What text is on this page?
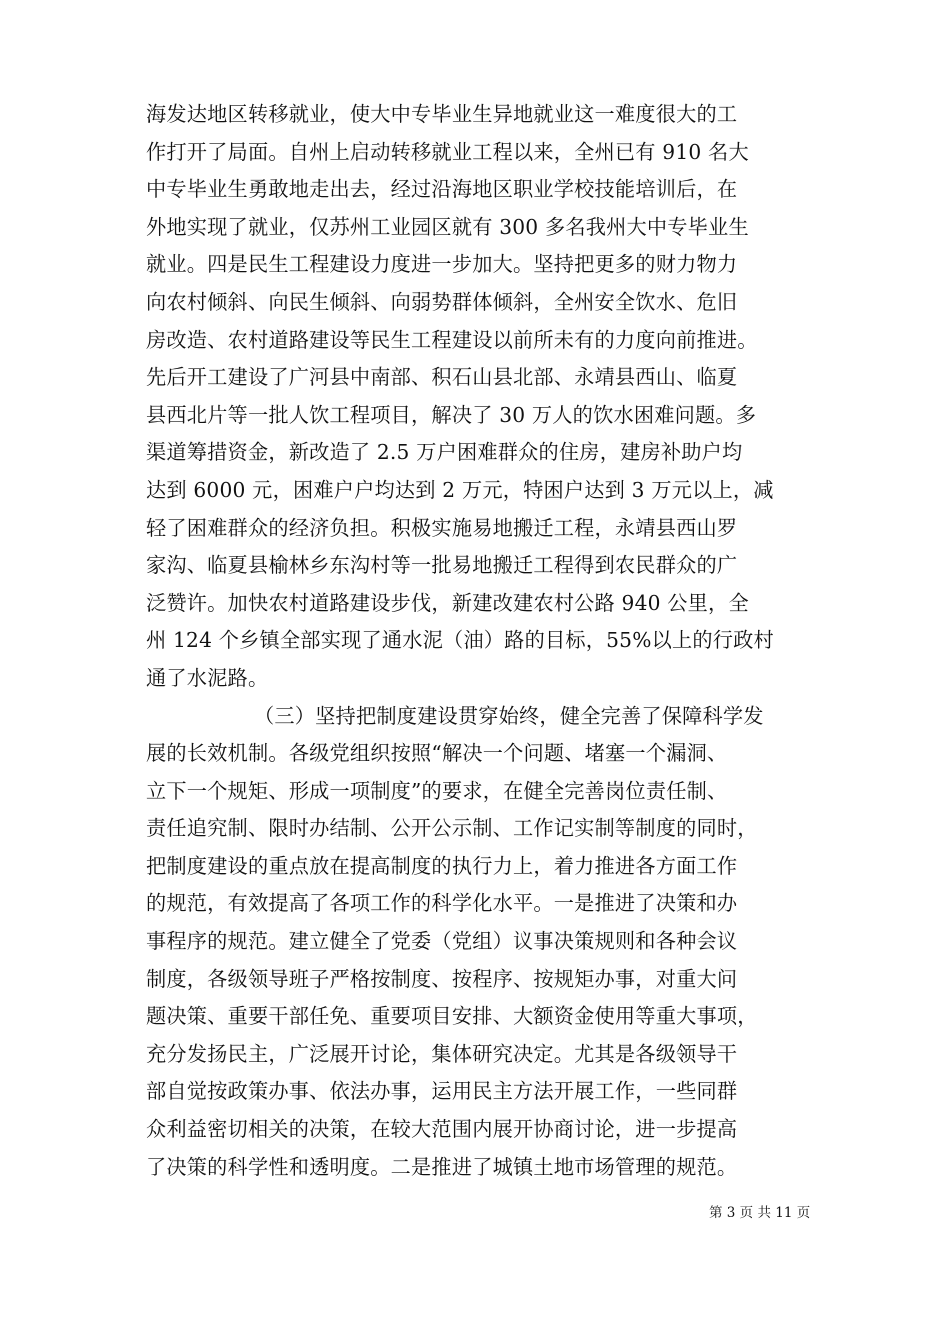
海发达地区转移就业，使大中专毕业生异地就业这一难度很大的工
作打开了局面。自州上启动转移就业工程以来，全州已有 910 名大
中专毕业生勇敢地走出去，经过沿海地区职业学校技能培训后，在
外地实现了就业，仅苏州工业园区就有 300 多名我州大中专毕业生
就业。四是民生工程建设力度进一步加大。坚持把更多的财力物力
向农村倾斜、向民生倾斜、向弱势群体倾斜，全州安全饮水、危旧
房改造、农村道路建设等民生工程建设以前所未有的力度向前推进。
先后开工建设了广河县中南部、积石山县北部、永靖县西山、临夏
县西北片等一批人饮工程项目，解决了 30 万人的饮水困难问题。多
渠道筹措资金，新改造了 2.5 万户困难群众的住房，建房补助户均
达到 6000 元，困难户户均达到 2 万元，特困户达到 3 万元以上，减
轻了困难群众的经济负担。积极实施易地搬迁工程，永靖县西山罗
家沟、临夏县榆林乡东沟村等一批易地搬迁工程得到农民群众的广
泛赞许。加快农村道路建设步伐，新建改建农村公路 940 公里，全
州 124 个乡镇全部实现了通水泥（油）路的目标，55%以上的行政村
通了水泥路。
（三）坚持把制度建设贯穿始终，健全完善了保障科学发
展的长效机制。各级党组织按照“解决一个问题、堵塞一个漏洞、
立下一个规矩、形成一项制度”的要求，在健全完善岗位责任制、
责任追究制、限时办结制、公开公示制、工作记实制等制度的同时，
把制度建设的重点放在提高制度的执行力上，着力推进各方面工作
的规范，有效提高了各项工作的科学化水平。一是推进了决策和办
事程序的规范。建立健全了党委（党组）议事决策规则和各种会议
制度，各级领导班子严格按制度、按程序、按规矩办事，对重大问
题决策、重要干部任免、重要项目安排、大额资金使用等重大事项，
充分发扬民主，广泛展开讨论，集体研究决定。尤其是各级领导干
部自觉按政策办事、依法办事，运用民主方法开展工作，一些同群
众利益密切相关的决策，在较大范围内展开协商讨论，进一步提高
了决策的科学性和透明度。二是推进了城镇土地市场管理的规范。
第 3 页 共 11 页
